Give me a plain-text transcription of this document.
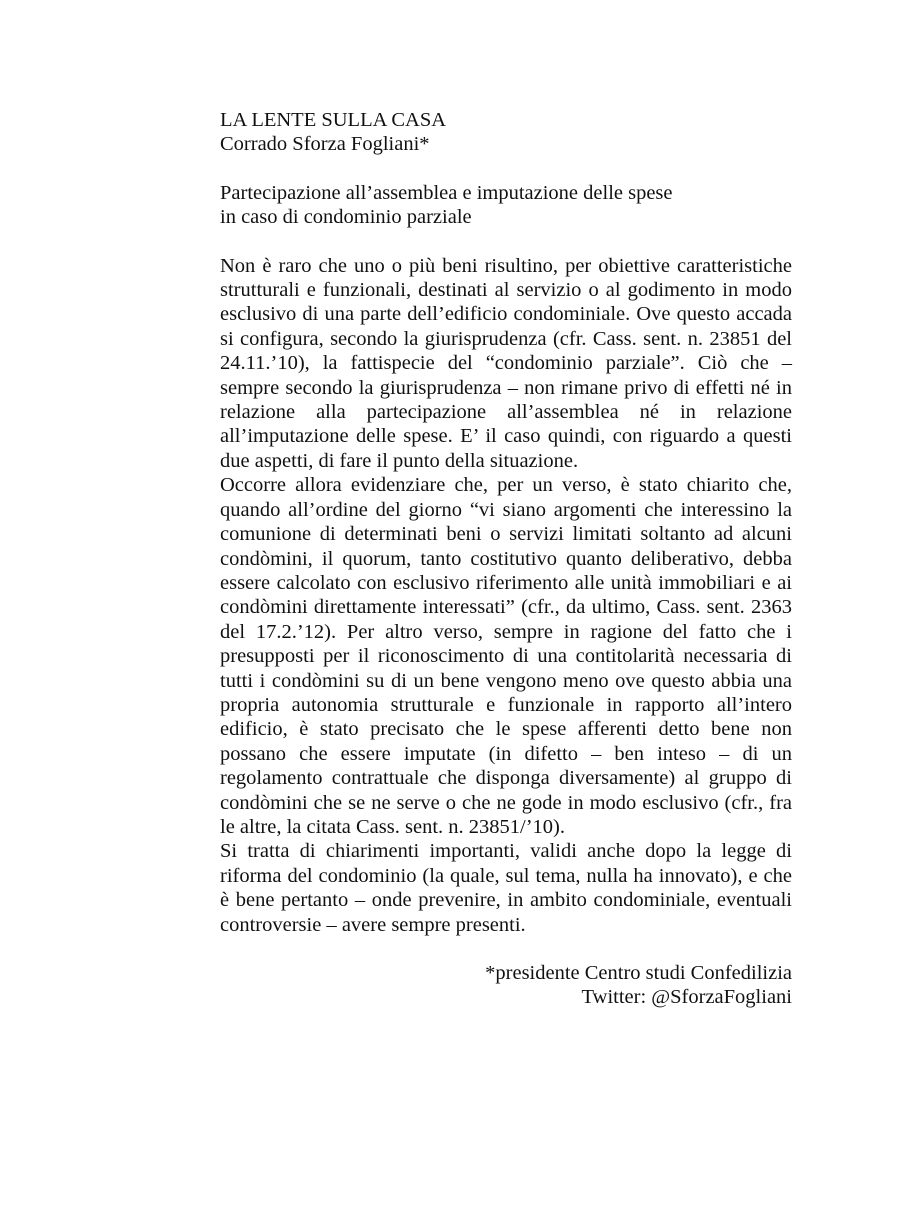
LA LENTE SULLA CASA

Corrado Sforza Fogliani*

Partecipazione all’assemblea e imputazione delle spese

in caso di condominio parziale

Non è raro che uno o più beni risultino, per obiettive caratteristiche strutturali e funzionali, destinati al servizio o al godimento in modo esclusivo di una parte dell’edificio condominiale. Ove questo accada si configura, secondo la giurisprudenza (cfr. Cass. sent. n. 23851 del 24.11.’10), la fattispecie del “condominio parziale”. Ciò che – sempre secondo la giurisprudenza – non rimane privo di effetti né in relazione alla partecipazione all’assemblea né in relazione all’imputazione delle spese. E’ il caso quindi, con riguardo a questi due aspetti, di fare il punto della situazione.

Occorre allora evidenziare che, per un verso, è stato chiarito che, quando all’ordine del giorno “vi siano argomenti che interessino la comunione di determinati beni o servizi limitati soltanto ad alcuni condòmini, il quorum, tanto costitutivo quanto deliberativo, debba essere calcolato con esclusivo riferimento alle unità immobiliari e ai condòmini direttamente interessati” (cfr., da ultimo, Cass. sent. 2363 del 17.2.’12). Per altro verso, sempre in ragione del fatto che i presupposti per il riconoscimento di una contitolarità necessaria di tutti i condòmini su di un bene vengono meno ove questo abbia una propria autonomia strutturale e funzionale in rapporto all’intero edificio, è stato precisato che le spese afferenti detto bene non possano che essere imputate (in difetto – ben inteso – di un regolamento contrattuale che disponga diversamente) al gruppo di condòmini che se ne serve o che ne gode in modo esclusivo (cfr., fra le altre, la citata Cass. sent. n. 23851/’10).

Si tratta di chiarimenti importanti, validi anche dopo la legge di riforma del condominio (la quale, sul tema, nulla ha innovato), e che è bene pertanto – onde prevenire, in ambito condominiale, eventuali controversie – avere sempre presenti.

*presidente Centro studi Confedilizia

Twitter: @SforzaFogliani
